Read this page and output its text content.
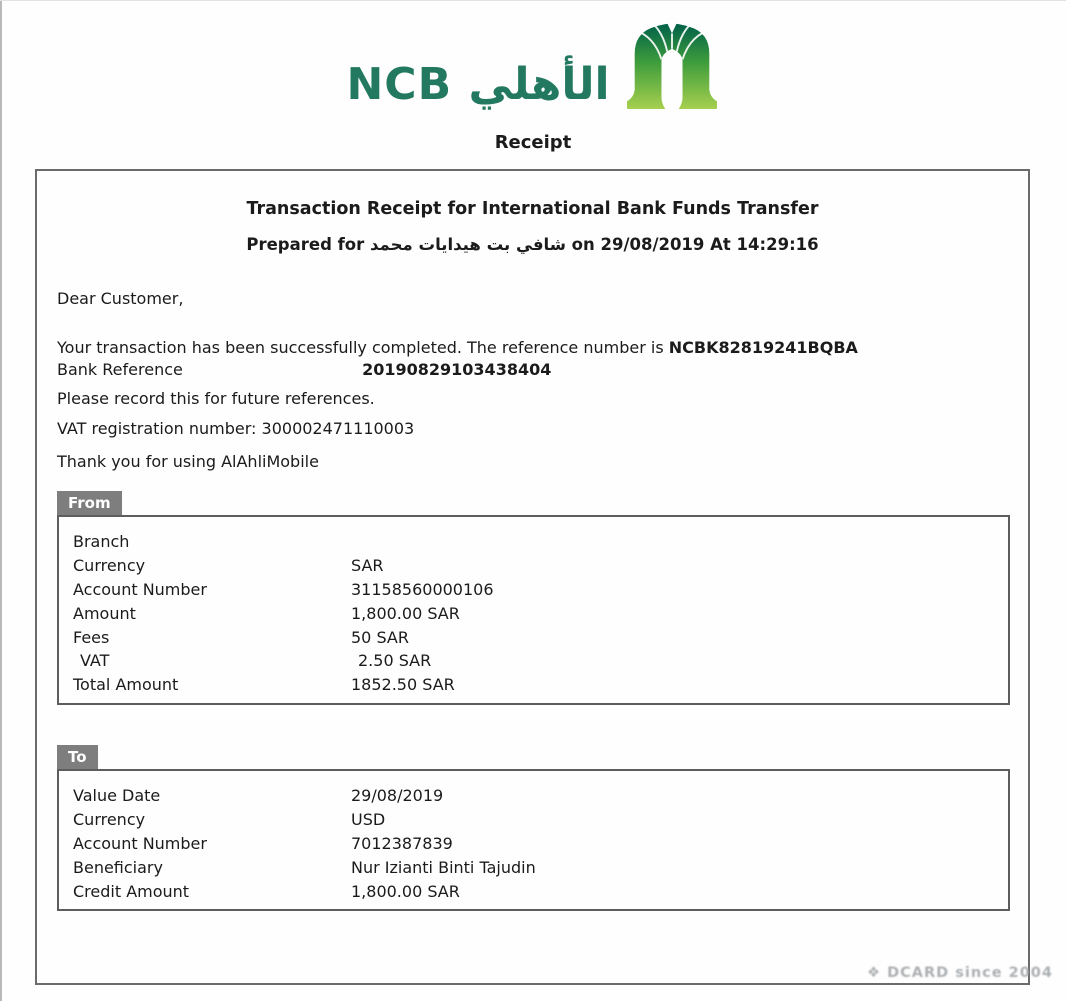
NCB الأهلي
Receipt
Transaction Receipt for International Bank Funds Transfer
Prepared for محمد‎ هيدايات‎ بت‎ شافي on 29/08/2019 At 14:29:16
Dear Customer,
Your transaction has been successfully completed. The reference number is NCBK82819241BQBA
Bank Reference	20190829103438404
Please record this for future references.
VAT registration number: 300002471110003
Thank you for using AlAhliMobile
From
Branch
Currency	SAR
Account Number	31158560000106
Amount	1,800.00 SAR
Fees	50 SAR
VAT	2.50 SAR
Total Amount	1852.50 SAR
To
Value Date	29/08/2019
Currency	USD
Account Number	7012387839
Beneficiary	Nur Izianti Binti Tajudin
Credit Amount	1,800.00 SAR
❖ DCARD since 2004
